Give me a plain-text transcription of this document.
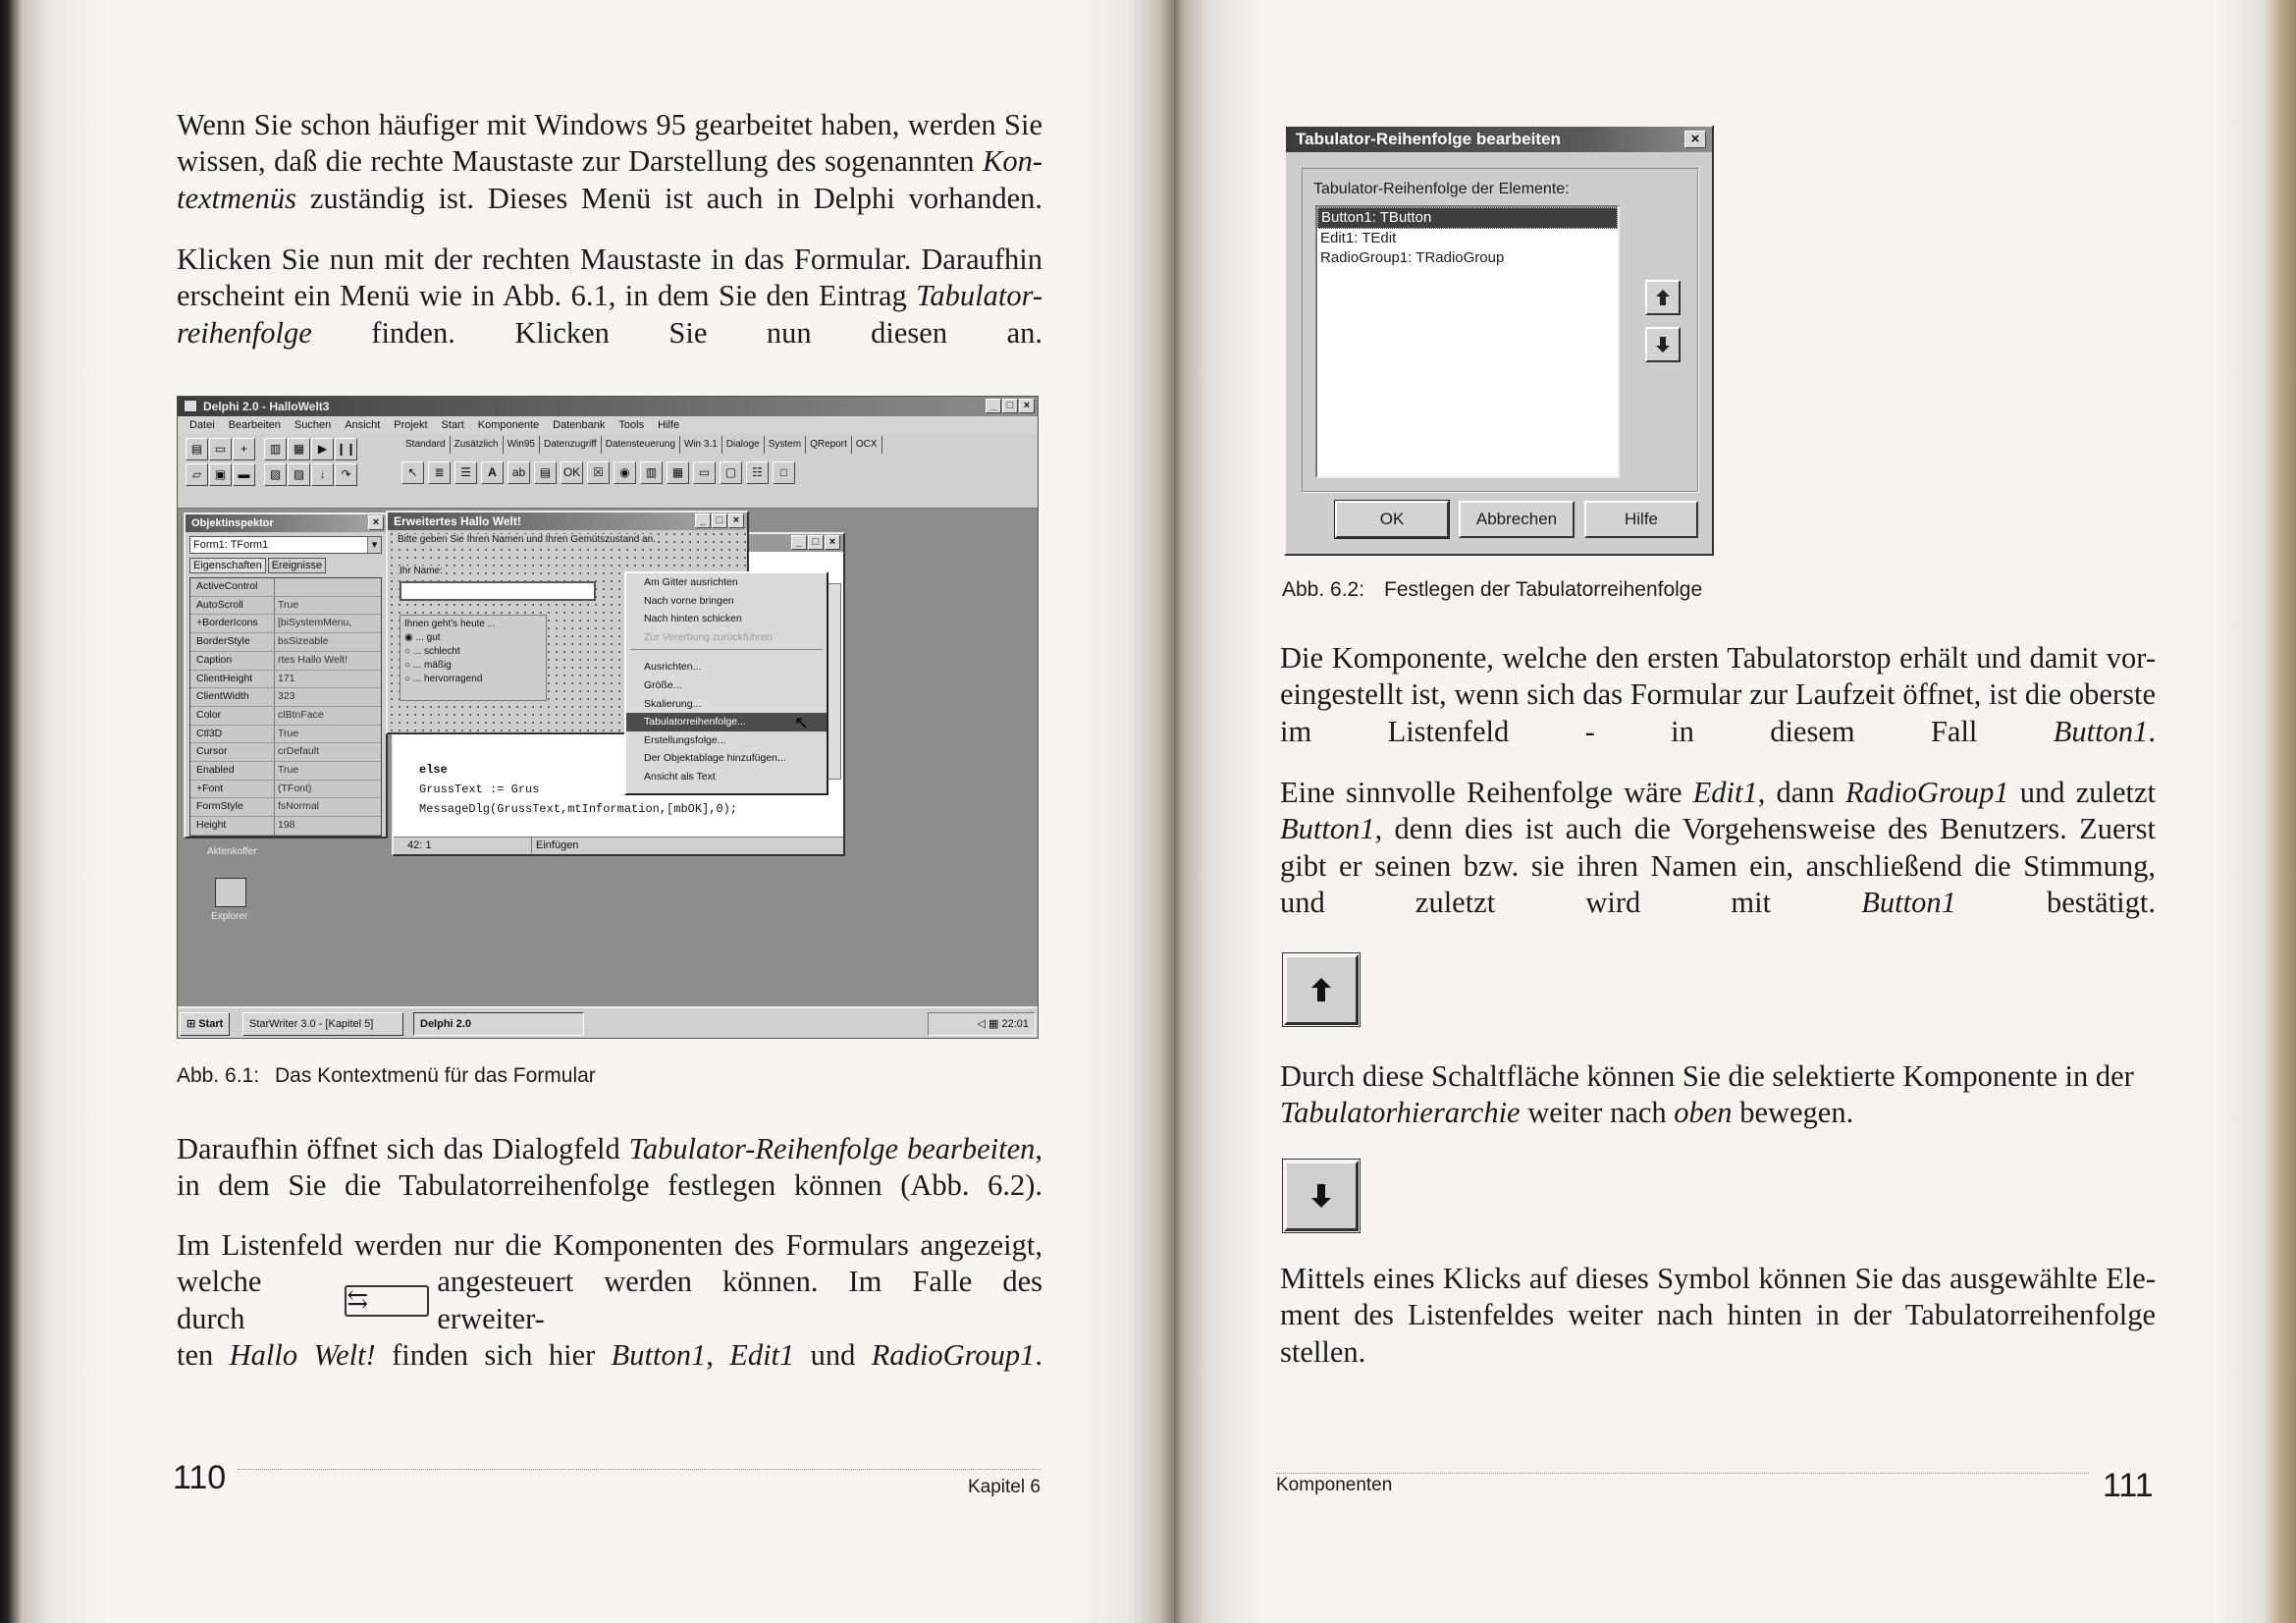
Wenn Sie schon häufiger mit Windows 95 gearbeitet haben, werden Sie
wissen, daß die rechte Maustaste zur Darstellung des sogenannten Kon-

textmenüs zuständig ist. Dieses Menü ist auch in Delphi vorhanden.
Klicken Sie nun mit der rechten Maustaste in das Formular. Daraufhin
erscheint ein Menü wie in Abb. 6.1, in dem Sie den Eintrag Tabulator-

reihenfolge finden. Klicken Sie nun diesen an.
Delphi 2.0 - HalloWelt3	_ □ ×
Datei Bearbeiten Suchen Ansicht Projekt Start Komponente Datenbank Tools Hilfe
▤	▭	+	▥	▦	▶ ❙❙
▱	▣	▬	▧	▨	↓	↷
Standard Zusätzlich Win95 Datenzugriff Datensteuerung Win 3.1 Dialoge System QReport OCX
↖	≣	☰	A	ab	▤	OK	☒	◉	▥	▦	▭	▢	☷	□
Objektinspektor	×
Form1: TForm1	▾
Eigenschaften Ereignisse
ActiveControl
AutoScroll	True
+BorderIcons	[biSystemMenu,
BorderStyle	bsSizeable
Caption	rtes Hallo Welt!
ClientHeight	171
ClientWidth	323
Color	clBtnFace
Ctl3D	True
Cursor	crDefault
Enabled	True
+Font	(TFont)
FormStyle	fsNormal
Height	198
Erweitertes Hallo Welt!	_ □ ×
Bitte geben Sie Ihren Namen und Ihren Gemütszustand an.
Ihr Name:
Ihnen geht's heute ...
◉ ... gut
○ ... schlecht
○ ... mäßig
○ ... hervorragend
_ □ ×
else
GrussText := Grus
MessageDlg(GrussText,mtInformation,[mbOK],0);
42: 1	Einfügen
Am Gitter ausrichten
Nach vorne bringen
Nach hinten schicken
Zur Vererbung zurückführen
Ausrichten...
Größe...
Skalierung...
Tabulatorreihenfolge...
Erstellungsfolge...
Der Objektablage hinzufügen...
Ansicht als Text
↖
Aktenkoffer
Explorer
⊞ Start	StarWriter 3.0 - [Kapitel 5]	Delphi 2.0	◁ ▦ 22:01
Abb. 6.1: Das Kontextmenü für das Formular
Daraufhin öffnet sich das Dialogfeld Tabulator-Reihenfolge bearbeiten,

in dem Sie die Tabulatorreihenfolge festlegen können (Abb. 6.2).
Im Listenfeld werden nur die Komponenten des Formulars angezeigt,

welche durch
⇆
angesteuert werden können. Im Falle des erweiter-
ten Hallo Welt! finden sich hier Button1, Edit1 und RadioGroup1.
110	Kapitel 6
Tabulator-Reihenfolge bearbeiten	×
Tabulator-Reihenfolge der Elemente:
Button1: TButton
Edit1: TEdit
RadioGroup1: TRadioGroup
OK	Abbrechen	Hilfe
Abb. 6.2: Festlegen der Tabulatorreihenfolge
Die Komponente, welche den ersten Tabulatorstop erhält und damit vor-
eingestellt ist, wenn sich das Formular zur Laufzeit öffnet, ist die oberste

im Listenfeld - in diesem Fall Button1.
Eine sinnvolle Reihenfolge wäre Edit1, dann RadioGroup1 und zuletzt
Button1, denn dies ist auch die Vorgehensweise des Benutzers. Zuerst
gibt er seinen bzw. sie ihren Namen ein, anschließend die Stimmung,

und zuletzt wird mit Button1 bestätigt.
Durch diese Schaltfläche können Sie die selektierte Komponente in der
Tabulatorhierarchie weiter nach oben bewegen.
Mittels eines Klicks auf dieses Symbol können Sie das ausgewählte Ele-
ment des Listenfeldes weiter nach hinten in der Tabulatorreihenfolge

stellen.
Komponenten	111
